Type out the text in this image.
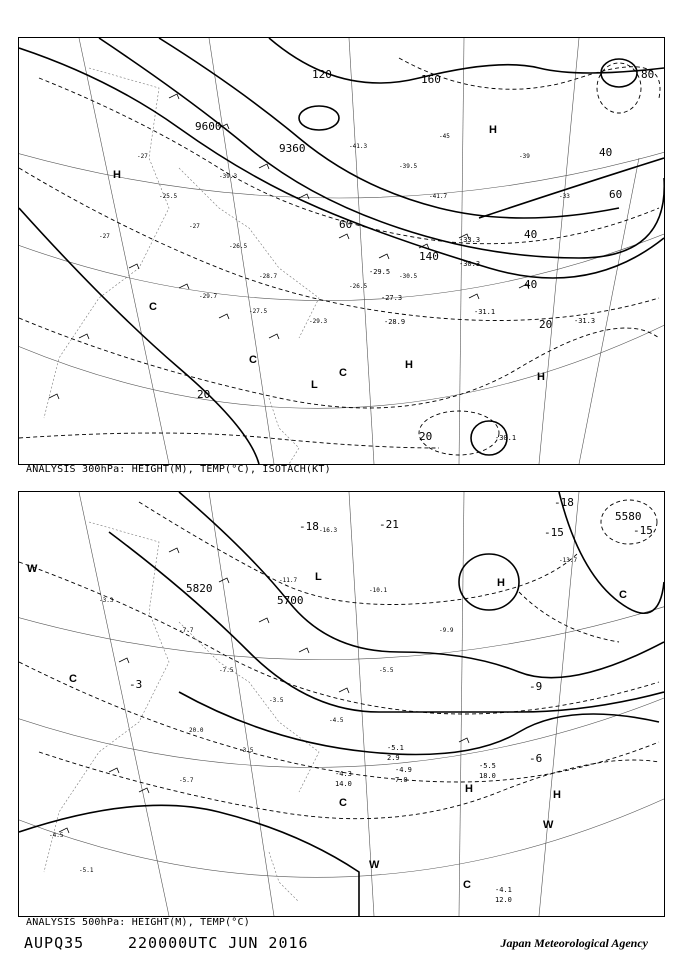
-27
-25.5
-27
-26.5
-28.7
-29.7
-27.5
-29.3
-26.5
-30.5
-41.7
-39.5
-45
-41.3
-39.3
-27
-39
-33
9600
9360
20
20
20
40
40
40
60
60
80
120
140
160
-30.1
-31.1
-31.3
-28.9
-27.3
-29.5
-33.3
-30.3
H
H
H
H
L
C
C
C
ANALYSIS 300hPa: HEIGHT(M), TEMP(°C), ISOTACH(KT)
-3.3
-7.7
-7.5
-3.5
20.0
-3.5
-4.5
-5.5
-9.9
-10.1
-11.7
-16.3
-4.5
-5.1
-5.7
-13.7
5820
5700
5580
-3
-6
-9
-15	-15
-18
-18	-21
-4.1
12.0
-5.5
18.0
-4.9
7.0
-4.3
14.0
-5.1
2.9
H
H	H
L
C
C
C
C
W
W
W
ANALYSIS 500hPa: HEIGHT(M), TEMP(°C)
AUPQ35	220000UTC JUN 2016	Japan Meteorological Agency
